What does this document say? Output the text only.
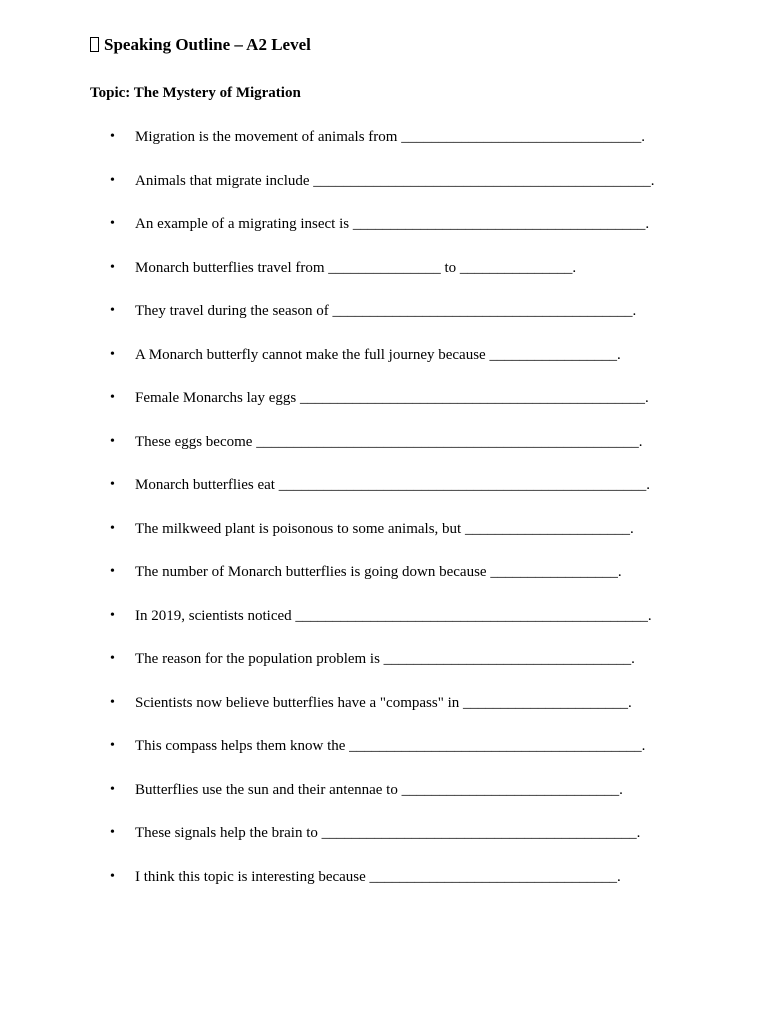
Speaking Outline – A2 Level
Topic: The Mystery of Migration
• Migration is the movement of animals from ________________________________.
• Animals that migrate include _____________________________________________.
• An example of a migrating insect is _______________________________________.
• Monarch butterflies travel from _______________ to _______________.
• They travel during the season of ________________________________________.
• A Monarch butterfly cannot make the full journey because _________________.
• Female Monarchs lay eggs ______________________________________________.
• These eggs become ___________________________________________________.
• Monarch butterflies eat _________________________________________________.
• The milkweed plant is poisonous to some animals, but ______________________.
• The number of Monarch butterflies is going down because _________________.
• In 2019, scientists noticed _______________________________________________.
• The reason for the population problem is _________________________________.
• Scientists now believe butterflies have a "compass" in ______________________.
• This compass helps them know the _______________________________________.
• Butterflies use the sun and their antennae to _____________________________.
• These signals help the brain to __________________________________________.
• I think this topic is interesting because _________________________________.
